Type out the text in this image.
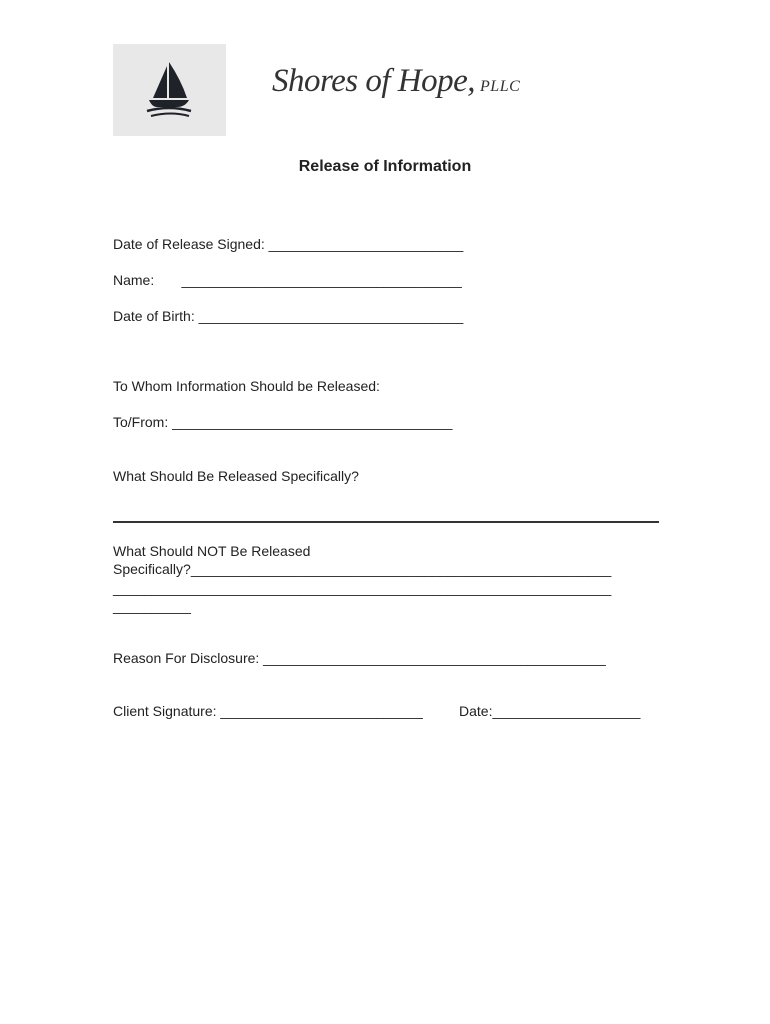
Shores of Hope, PLLC
Release of Information
Date of Release Signed: _________________________
Name:       ____________________________________
Date of Birth: __________________________________
To Whom Information Should be Released:
To/From: ____________________________________
What Should Be Released Specifically?
What Should NOT Be Released
Specifically?______________________________________________________
________________________________________________________________
__________
Reason For Disclosure: ____________________________________________
Client Signature: __________________________	Date:___________________
